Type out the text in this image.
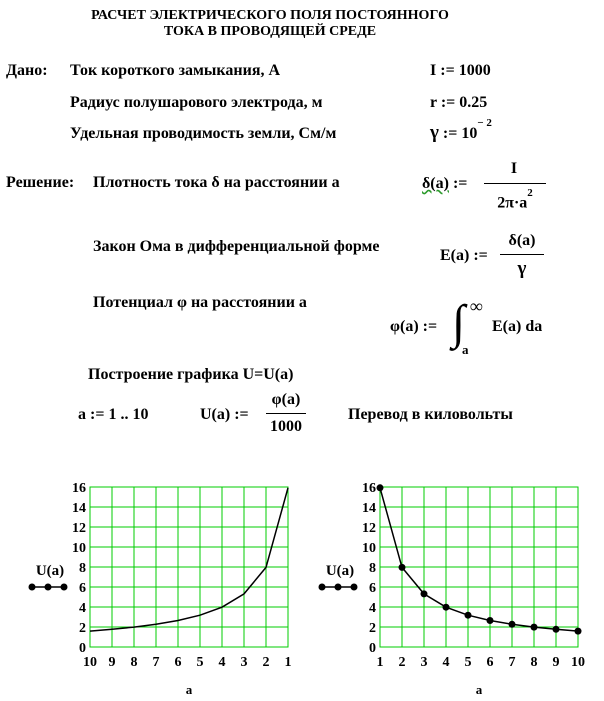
РАСЧЕТ ЭЛЕКТРИЧЕСКОГО ПОЛЯ ПОСТОЯННОГО
ТОКА В ПРОВОДЯЩЕЙ СРЕДЕ
Дано: Ток короткого замыкания, А	I := 1000
Радиус полушарового электрода, м	r := 0.25
Удельная проводимость земли, См/м	γ := $10^{- 2}$
Решение: Плотность тока δ на расстоянии а	δ(a) :=
I
$2\pi\cdot a^2$
Закон Ома в дифференциальной форме
E(a) :=
δ(a)
γ
Потенциал φ на расстоянии а
φ(a) := ∫ ∞
a
E(a) da
Построение графика U=U(a)
a := 1 .. 10	U(a) :=
φ(a)
1000
Перевод в киловольты
0
2
4
6
8
10
12
14
16
10 9 8 7 6 5 4 3 2 1
a
U(a)
0
2
4
6
8
10
12
14
16
1 2 3 4 5 6 7 8 9 10
a
U(a)
